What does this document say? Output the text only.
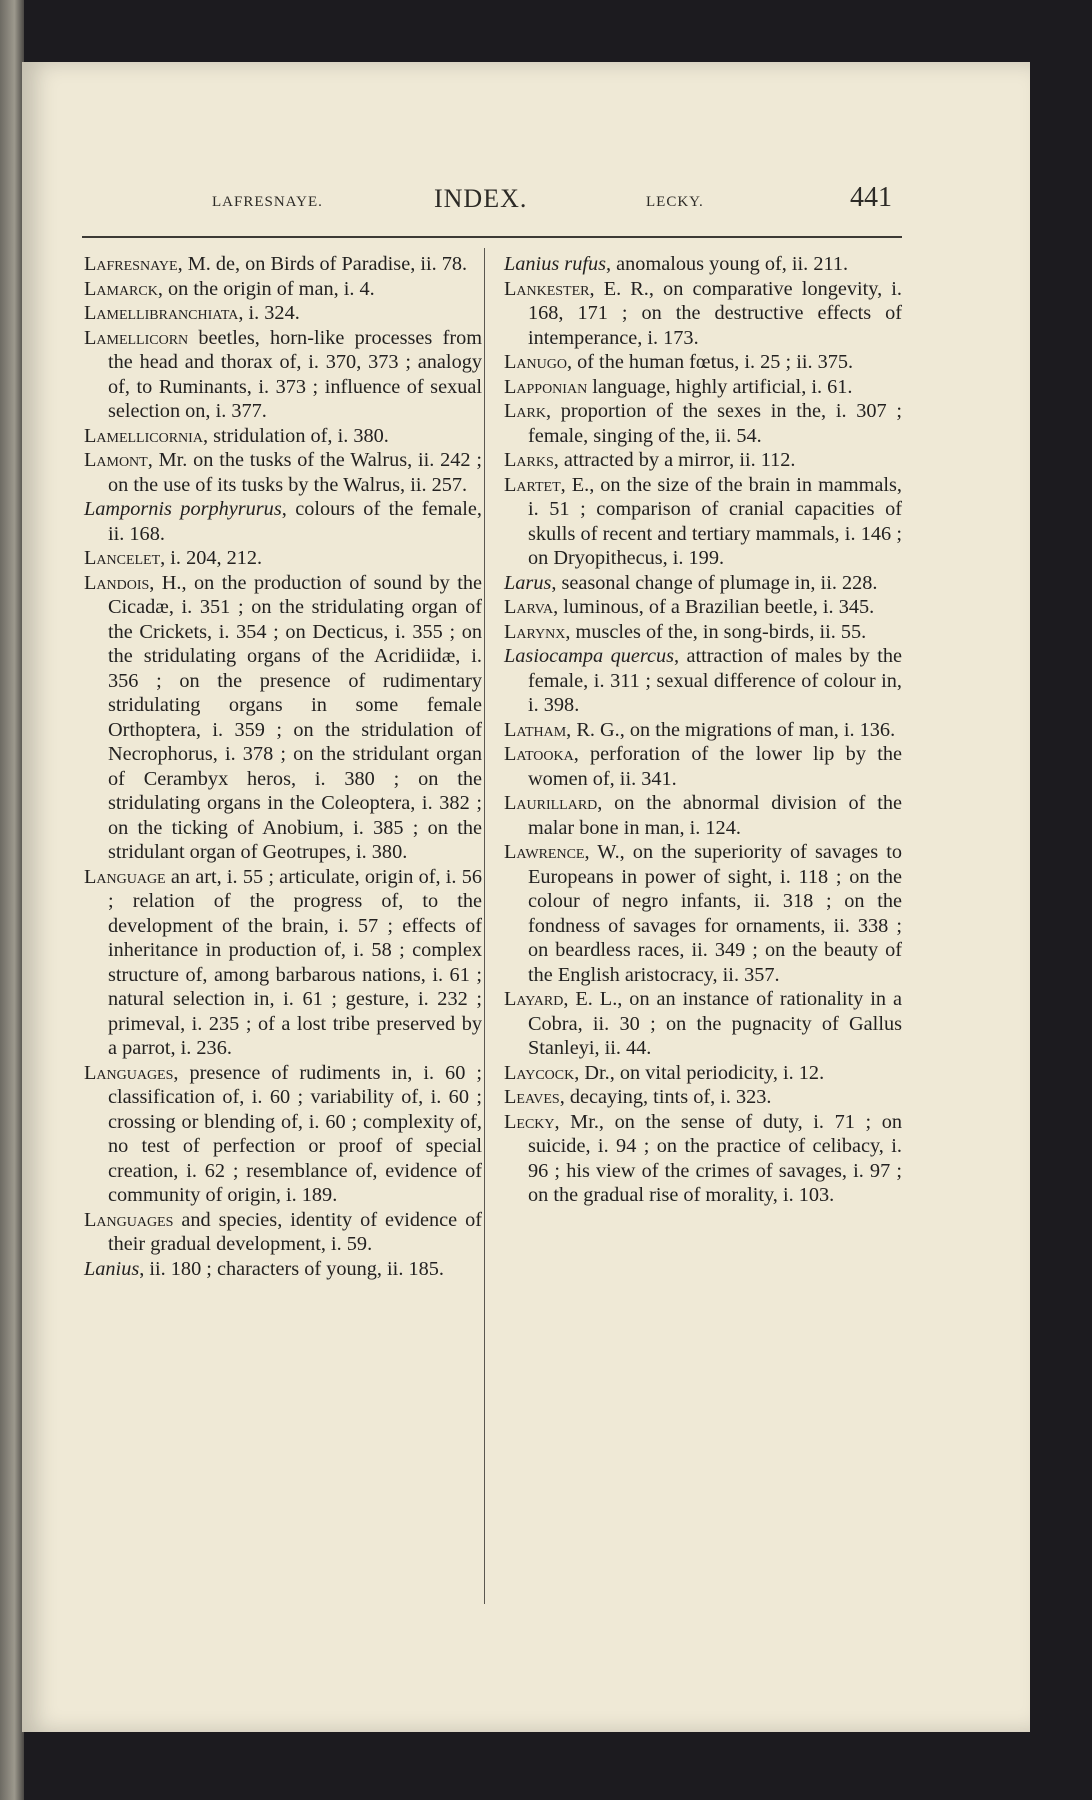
LAFRESNAYE.	INDEX.	LECKY.	441

Lafresnaye, M. de, on Birds of Paradise, ii. 78.

Lamarck, on the origin of man, i. 4.

Lamellibranchiata, i. 324.

Lamellicorn beetles, horn-like processes from the head and thorax of, i. 370, 373 ; analogy of, to Ruminants, i. 373 ; influence of sexual selection on, i. 377.

Lamellicornia, stridulation of, i. 380.

Lamont, Mr. on the tusks of the Walrus, ii. 242 ; on the use of its tusks by the Walrus, ii. 257.

Lampornis porphyrurus, colours of the female, ii. 168.

Lancelet, i. 204, 212.

Landois, H., on the production of sound by the Cicadæ, i. 351 ; on the stridulating organ of the Crickets, i. 354 ; on Decticus, i. 355 ; on the stridulating organs of the Acridiidæ, i. 356 ; on the presence of rudimentary stridulating organs in some female Orthoptera, i. 359 ; on the stridulation of Necrophorus, i. 378 ; on the stridulant organ of Cerambyx heros, i. 380 ; on the stridulating organs in the Coleoptera, i. 382 ; on the ticking of Anobium, i. 385 ; on the stridulant organ of Geotrupes, i. 380.

Language an art, i. 55 ; articulate, origin of, i. 56 ; relation of the progress of, to the development of the brain, i. 57 ; effects of inheritance in production of, i. 58 ; complex structure of, among barbarous nations, i. 61 ; natural selection in, i. 61 ; gesture, i. 232 ; primeval, i. 235 ; of a lost tribe preserved by a parrot, i. 236.

Languages, presence of rudiments in, i. 60 ; classification of, i. 60 ; variability of, i. 60 ; crossing or blending of, i. 60 ; complexity of, no test of perfection or proof of special creation, i. 62 ; resemblance of, evidence of community of origin, i. 189.

Languages and species, identity of evidence of their gradual development, i. 59.

Lanius, ii. 180 ; characters of young, ii. 185.

Lanius rufus, anomalous young of, ii. 211.

Lankester, E. R., on comparative longevity, i. 168, 171 ; on the destructive effects of intemperance, i. 173.

Lanugo, of the human fœtus, i. 25 ; ii. 375.

Lapponian language, highly artificial, i. 61.

Lark, proportion of the sexes in the, i. 307 ; female, singing of the, ii. 54.

Larks, attracted by a mirror, ii. 112.

Lartet, E., on the size of the brain in mammals, i. 51 ; comparison of cranial capacities of skulls of recent and tertiary mammals, i. 146 ; on Dryopithecus, i. 199.

Larus, seasonal change of plumage in, ii. 228.

Larva, luminous, of a Brazilian beetle, i. 345.

Larynx, muscles of the, in song-birds, ii. 55.

Lasiocampa quercus, attraction of males by the female, i. 311 ; sexual difference of colour in, i. 398.

Latham, R. G., on the migrations of man, i. 136.

Latooka, perforation of the lower lip by the women of, ii. 341.

Laurillard, on the abnormal division of the malar bone in man, i. 124.

Lawrence, W., on the superiority of savages to Europeans in power of sight, i. 118 ; on the colour of negro infants, ii. 318 ; on the fondness of savages for ornaments, ii. 338 ; on beardless races, ii. 349 ; on the beauty of the English aristocracy, ii. 357.

Layard, E. L., on an instance of rationality in a Cobra, ii. 30 ; on the pugnacity of Gallus Stanleyi, ii. 44.

Laycock, Dr., on vital periodicity, i. 12.

Leaves, decaying, tints of, i. 323.

Lecky, Mr., on the sense of duty, i. 71 ; on suicide, i. 94 ; on the practice of celibacy, i. 96 ; his view of the crimes of savages, i. 97 ; on the gradual rise of morality, i. 103.
